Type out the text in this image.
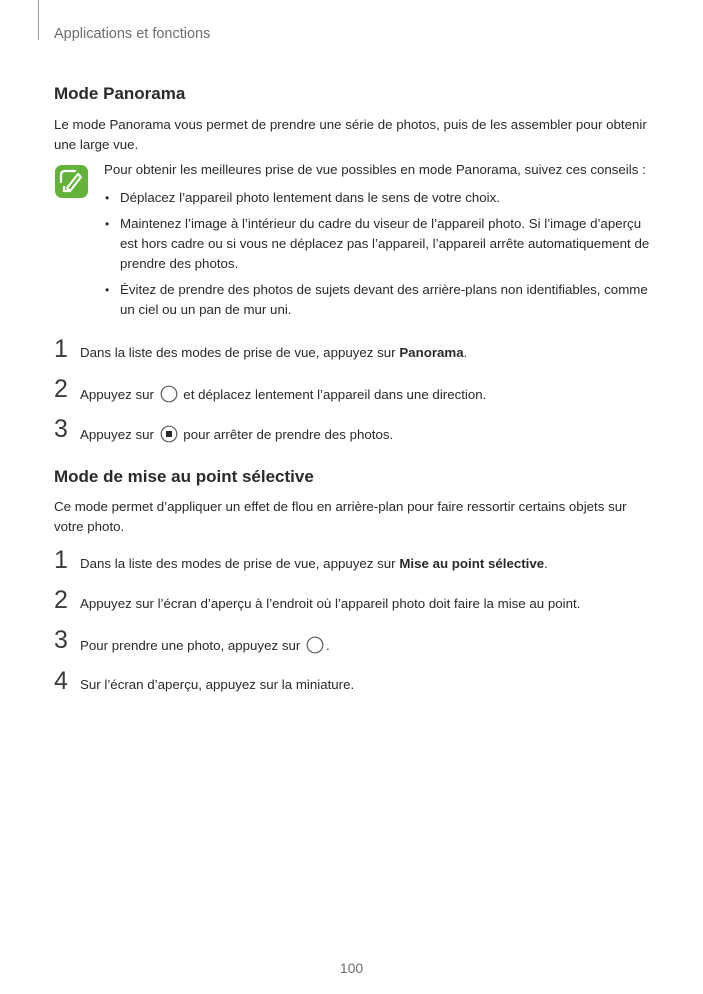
Applications et fonctions
Mode Panorama

Le mode Panorama vous permet de prendre une série de photos, puis de les assembler pour obtenir une large vue.

Pour obtenir les meilleures prise de vue possibles en mode Panorama, suivez ces conseils :

• Déplacez l’appareil photo lentement dans le sens de votre choix.
• Maintenez l’image à l’intérieur du cadre du viseur de l’appareil photo. Si l’image d’aperçu est hors cadre ou si vous ne déplacez pas l’appareil, l’appareil arrête automatiquement de prendre des photos.
• Évitez de prendre des photos de sujets devant des arrière-plans non identifiables, comme un ciel ou un pan de mur uni.
1 Dans la liste des modes de prise de vue, appuyez sur Panorama.
2 Appuyez sur  et déplacez lentement l’appareil dans une direction.
3 Appuyez sur  pour arrêter de prendre des photos.
Mode de mise au point sélective

Ce mode permet d’appliquer un effet de flou en arrière-plan pour faire ressortir certains objets sur votre photo.

1 Dans la liste des modes de prise de vue, appuyez sur Mise au point sélective.
2 Appuyez sur l’écran d’aperçu à l’endroit où l’appareil photo doit faire la mise au point.
3 Pour prendre une photo, appuyez sur .
4 Sur l’écran d’aperçu, appuyez sur la miniature.
100
